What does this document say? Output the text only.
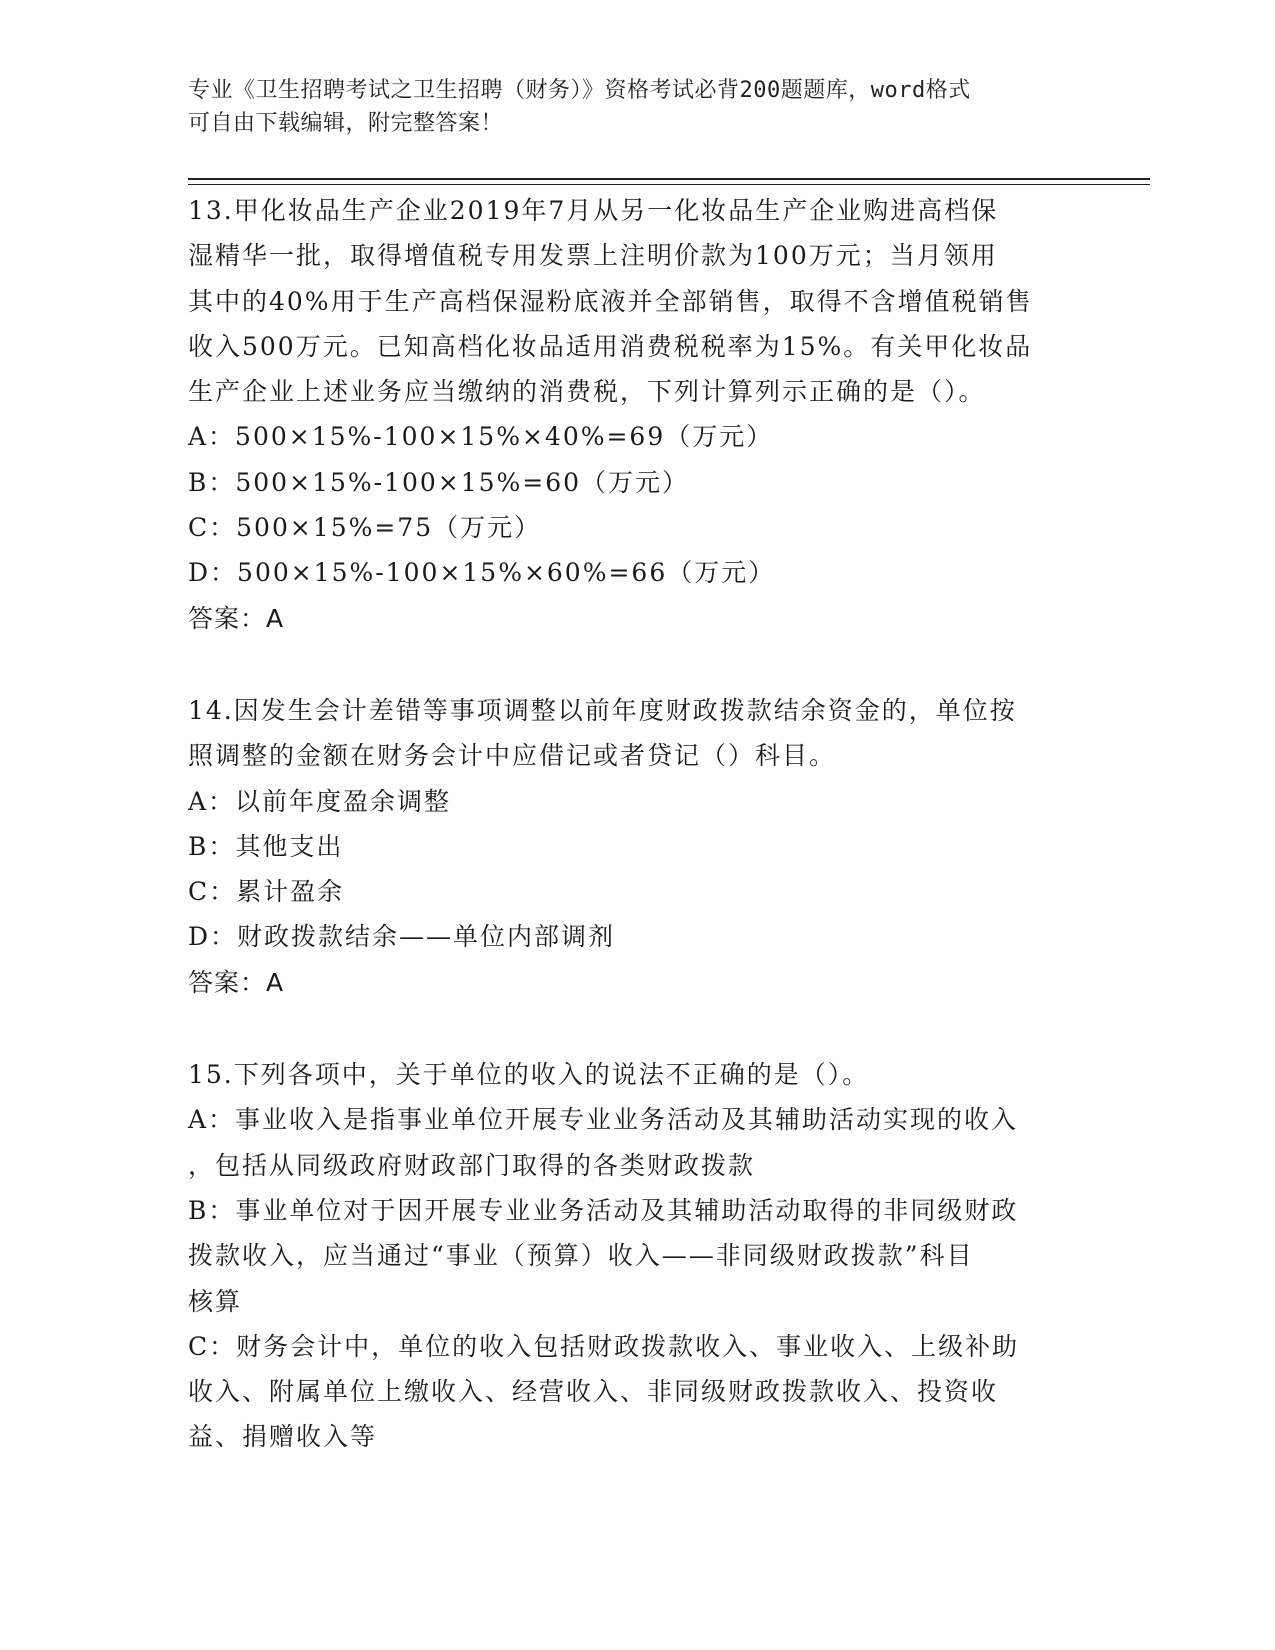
专业《卫生招聘考试之卫生招聘（财务）》资格考试必背200题题库，word格式
可自由下载编辑，附完整答案！
13.甲化妆品生产企业2019年7月从另一化妆品生产企业购进高档保
湿精华一批，取得增值税专用发票上注明价款为100万元；当月领用
其中的40%用于生产高档保湿粉底液并全部销售，取得不含增值税销售
收入500万元。已知高档化妆品适用消费税税率为15%。有关甲化妆品
生产企业上述业务应当缴纳的消费税，下列计算列示正确的是（）。
A：500×15%-100×15%×40%=69（万元）
B：500×15%-100×15%=60（万元）
C：500×15%=75（万元）
D：500×15%-100×15%×60%=66（万元）
答案：A
14.因发生会计差错等事项调整以前年度财政拨款结余资金的，单位按
照调整的金额在财务会计中应借记或者贷记（）科目。
A：以前年度盈余调整
B：其他支出
C：累计盈余
D：财政拨款结余——单位内部调剂
答案：A
15.下列各项中，关于单位的收入的说法不正确的是（）。
A：事业收入是指事业单位开展专业业务活动及其辅助活动实现的收入
，包括从同级政府财政部门取得的各类财政拨款
B：事业单位对于因开展专业业务活动及其辅助活动取得的非同级财政
拨款收入，应当通过“事业（预算）收入——非同级财政拨款”科目
核算
C：财务会计中，单位的收入包括财政拨款收入、事业收入、上级补助
收入、附属单位上缴收入、经营收入、非同级财政拨款收入、投资收
益、捐赠收入等
